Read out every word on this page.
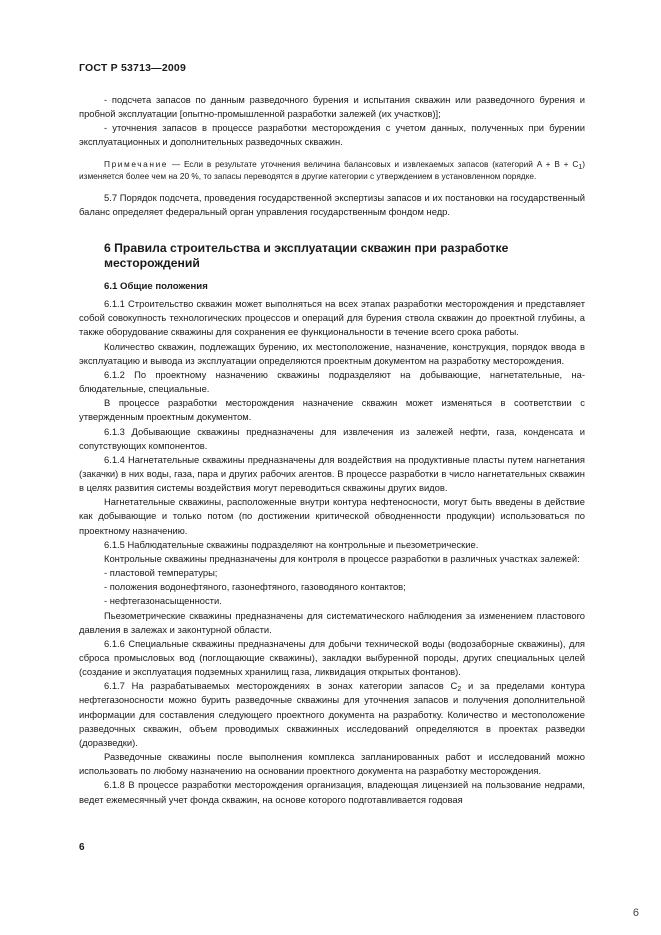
ГОСТ Р 53713—2009

- подсчета запасов по данным разведочного бурения и испытания скважин или разведочного бурения и пробной эксплуатации [опытно-промышленной разработки залежей (их участков)];

- уточнения запасов в процессе разработки месторождения с учетом данных, полученных при бурении эксплуатационных и дополнительных разведочных скважин.

Примечание — Если в результате уточнения величина балансовых и извлекаемых запасов (категорий $A + B + C_1$) изменяется более чем на 20 %, то запасы переводятся в другие категории с утверждением в установленном порядке.

5.7 Порядок подсчета, проведения государственной экспертизы запасов и их постановки на государственный баланс определяет федеральный орган управления государственным фондом недр.

6 Правила строительства и эксплуатации скважин при разработке месторождений

6.1 Общие положения

6.1.1 Строительство скважин может выполняться на всех этапах разработки месторождения и представляет собой совокупность технологических процессов и операций для бурения ствола скважин до проектной глубины, а также оборудование скважины для сохранения ее функциональности в течение всего срока работы.

Количество скважин, подлежащих бурению, их местоположение, назначение, конструкция, порядок ввода в эксплуатацию и вывода из эксплуатации определяются проектным документом на разработку месторождения.

6.1.2 По проектному назначению скважины подразделяют на добывающие, нагнетательные, наблюдательные, специальные.

В процессе разработки месторождения назначение скважин может изменяться в соответствии с утвержденным проектным документом.

6.1.3 Добывающие скважины предназначены для извлечения из залежей нефти, газа, конденсата и сопутствующих компонентов.

6.1.4 Нагнетательные скважины предназначены для воздействия на продуктивные пласты путем нагнетания (закачки) в них воды, газа, пара и других рабочих агентов. В процессе разработки в число нагнетательных скважин в целях развития системы воздействия могут переводиться скважины других видов.

Нагнетательные скважины, расположенные внутри контура нефтеносности, могут быть введены в действие как добывающие и только потом (по достижении критической обводненности продукции) использоваться по проектному назначению.

6.1.5 Наблюдательные скважины подразделяют на контрольные и пьезометрические.

Контрольные скважины предназначены для контроля в процессе разработки в различных участках залежей:

- пластовой температуры;

- положения водонефтяного, газонефтяного, газоводяного контактов;

- нефтегазонасыщенности.

Пьезометрические скважины предназначены для систематического наблюдения за изменением пластового давления в залежах и законтурной области.

6.1.6 Специальные скважины предназначены для добычи технической воды (водозаборные скважины), для сброса промысловых вод (поглощающие скважины), закладки выбуренной породы, других специальных целей (создание и эксплуатация подземных хранилищ газа, ликвидация открытых фонтанов).

6.1.7 На разрабатываемых месторождениях в зонах категории запасов $C_2$ и за пределами контура нефтегазоносности можно бурить разведочные скважины для уточнения запасов и получения дополнительной информации для составления следующего проектного документа на разработку. Количество и местоположение разведочных скважин, объем проводимых скважинных исследований определяются в проектах разведки (доразведки).

Разведочные скважины после выполнения комплекса запланированных работ и исследований можно использовать по любому назначению на основании проектного документа на разработку месторождения.

6.1.8 В процессе разработки месторождения организация, владеющая лицензией на пользование недрами, ведет ежемесячный учет фонда скважин, на основе которого подготавливается годовая

6
6
